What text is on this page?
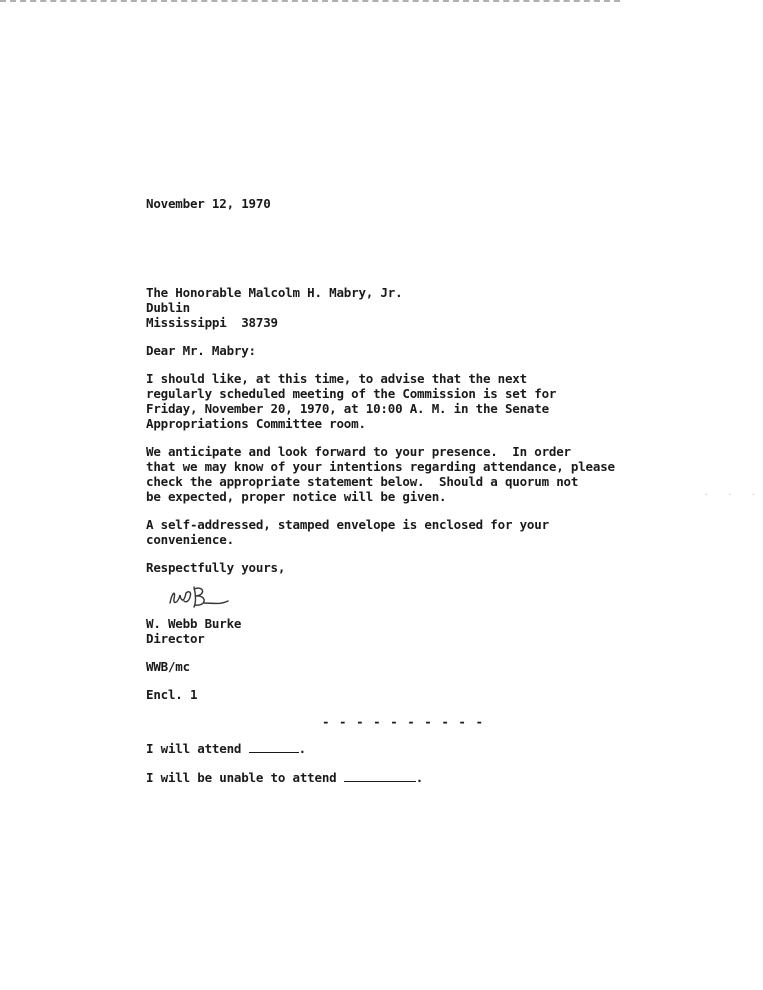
November 12, 1970
The Honorable Malcolm H. Mabry, Jr.
Dublin
Mississippi  38739
Dear Mr. Mabry:
I should like, at this time, to advise that the next
regularly scheduled meeting of the Commission is set for
Friday, November 20, 1970, at 10:00 A. M. in the Senate
Appropriations Committee room.
We anticipate and look forward to your presence.  In order
that we may know of your intentions regarding attendance, please
check the appropriate statement below.  Should a quorum not
be expected, proper notice will be given.
A self-addressed, stamped envelope is enclosed for your
convenience.
Respectfully yours,
W. Webb Burke
Director
WWB/mc
Encl. 1
- - - - - - - - - -
I will attend	.
I will be unable to attend	.
·  ·  ·
